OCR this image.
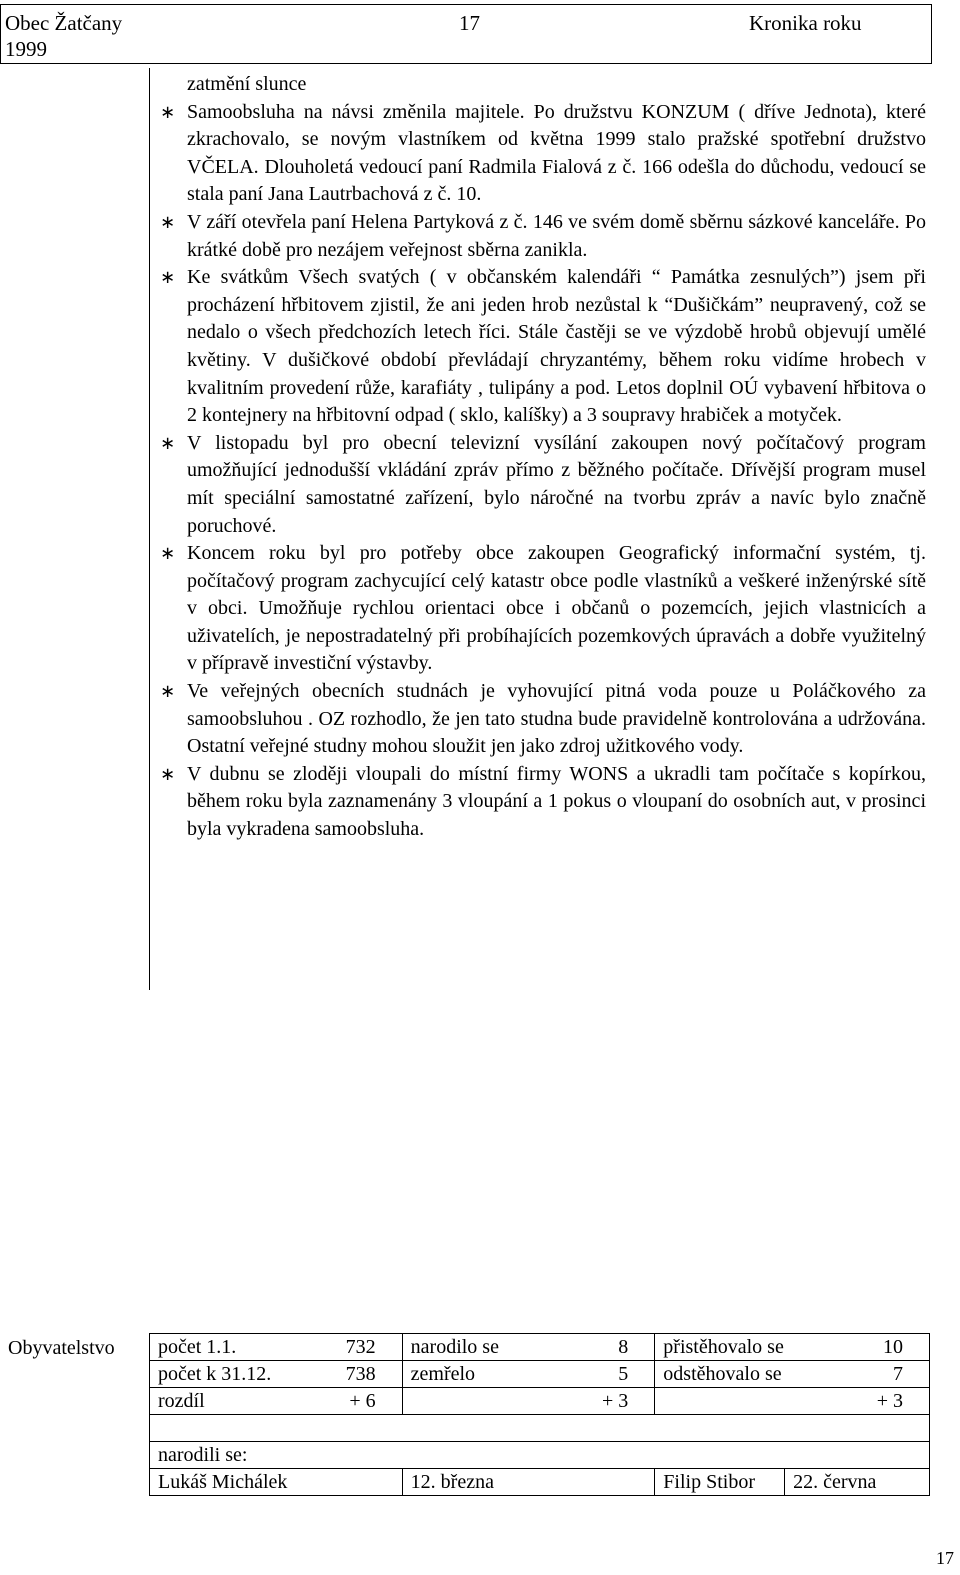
Obec Žatčany	17	Kronika roku
1999
zatmění slunce
∗ Samoobsluha na návsi změnila majitele. Po družstvu KONZUM ( dříve Jednota), které zkrachovalo, se novým vlastníkem od května 1999 stalo pražské spotřební družstvo VČELA. Dlouholetá vedoucí paní Radmila Fialová z č. 166 odešla do důchodu, vedoucí se stala paní Jana Lautrbachová z č. 10.

∗ V září otevřela paní Helena Partyková z č. 146 ve svém domě sběrnu sázkové kanceláře. Po krátké době pro nezájem veřejnost sběrna zanikla.

∗ Ke svátkům Všech svatých ( v občanském kalendáři “ Památka zesnulých”) jsem při procházení hřbitovem zjistil, že ani jeden hrob nezůstal k “Dušičkám” neupravený, což se nedalo o všech předchozích letech říci. Stále častěji se ve výzdobě hrobů objevují umělé květiny. V dušičkové období převládají chryzantémy, během roku vidíme hrobech v kvalitním provedení růže, karafiáty , tulipány a pod. Letos doplnil OÚ vybavení hřbitova o 2 kontejnery na hřbitovní odpad ( sklo, kalíšky) a 3 soupravy hrabiček a motyček.

∗ V listopadu byl pro obecní televizní vysílání zakoupen nový počítačový program umožňující jednodušší vkládání zpráv přímo z běžného počítače. Dřívější program musel mít speciální samostatné zařízení, bylo náročné na tvorbu zpráv a navíc bylo značně poruchové.

∗ Koncem roku byl pro potřeby obce zakoupen Geografický informační systém, tj. počítačový program zachycující celý katastr obce podle vlastníků a veškeré inženýrské sítě v obci. Umožňuje rychlou orientaci obce i občanů o pozemcích, jejich vlastnicích a uživatelích, je nepostradatelný při probíhajících pozemkových úpravách a dobře využitelný v přípravě investiční výstavby.

∗ Ve veřejných obecních studnách je vyhovující pitná voda pouze u Poláčkového za samoobsluhou . OZ rozhodlo, že jen tato studna bude pravidelně kontrolována a udržována. Ostatní veřejné studny mohou sloužit jen jako zdroj užitkového vody.

∗ V dubnu se zloději vloupali do místní firmy WONS a ukradli tam počítače s kopírkou, během roku byla zaznamenány 3 vloupání a 1 pokus o vloupaní do osobních aut, v prosinci byla vykradena samoobsluha.

Obyvatelstvo počet 1.1. 732	narodilo se 8	přistěhovalo se 10	

počet k 31.12. 738	zemřelo 5	odstěhovalo se 7	

rozdíl + 6	+ 3	+ 3	

narodili se:			
Lukáš Michálek	12. března	Filip Stibor	22. června
17
